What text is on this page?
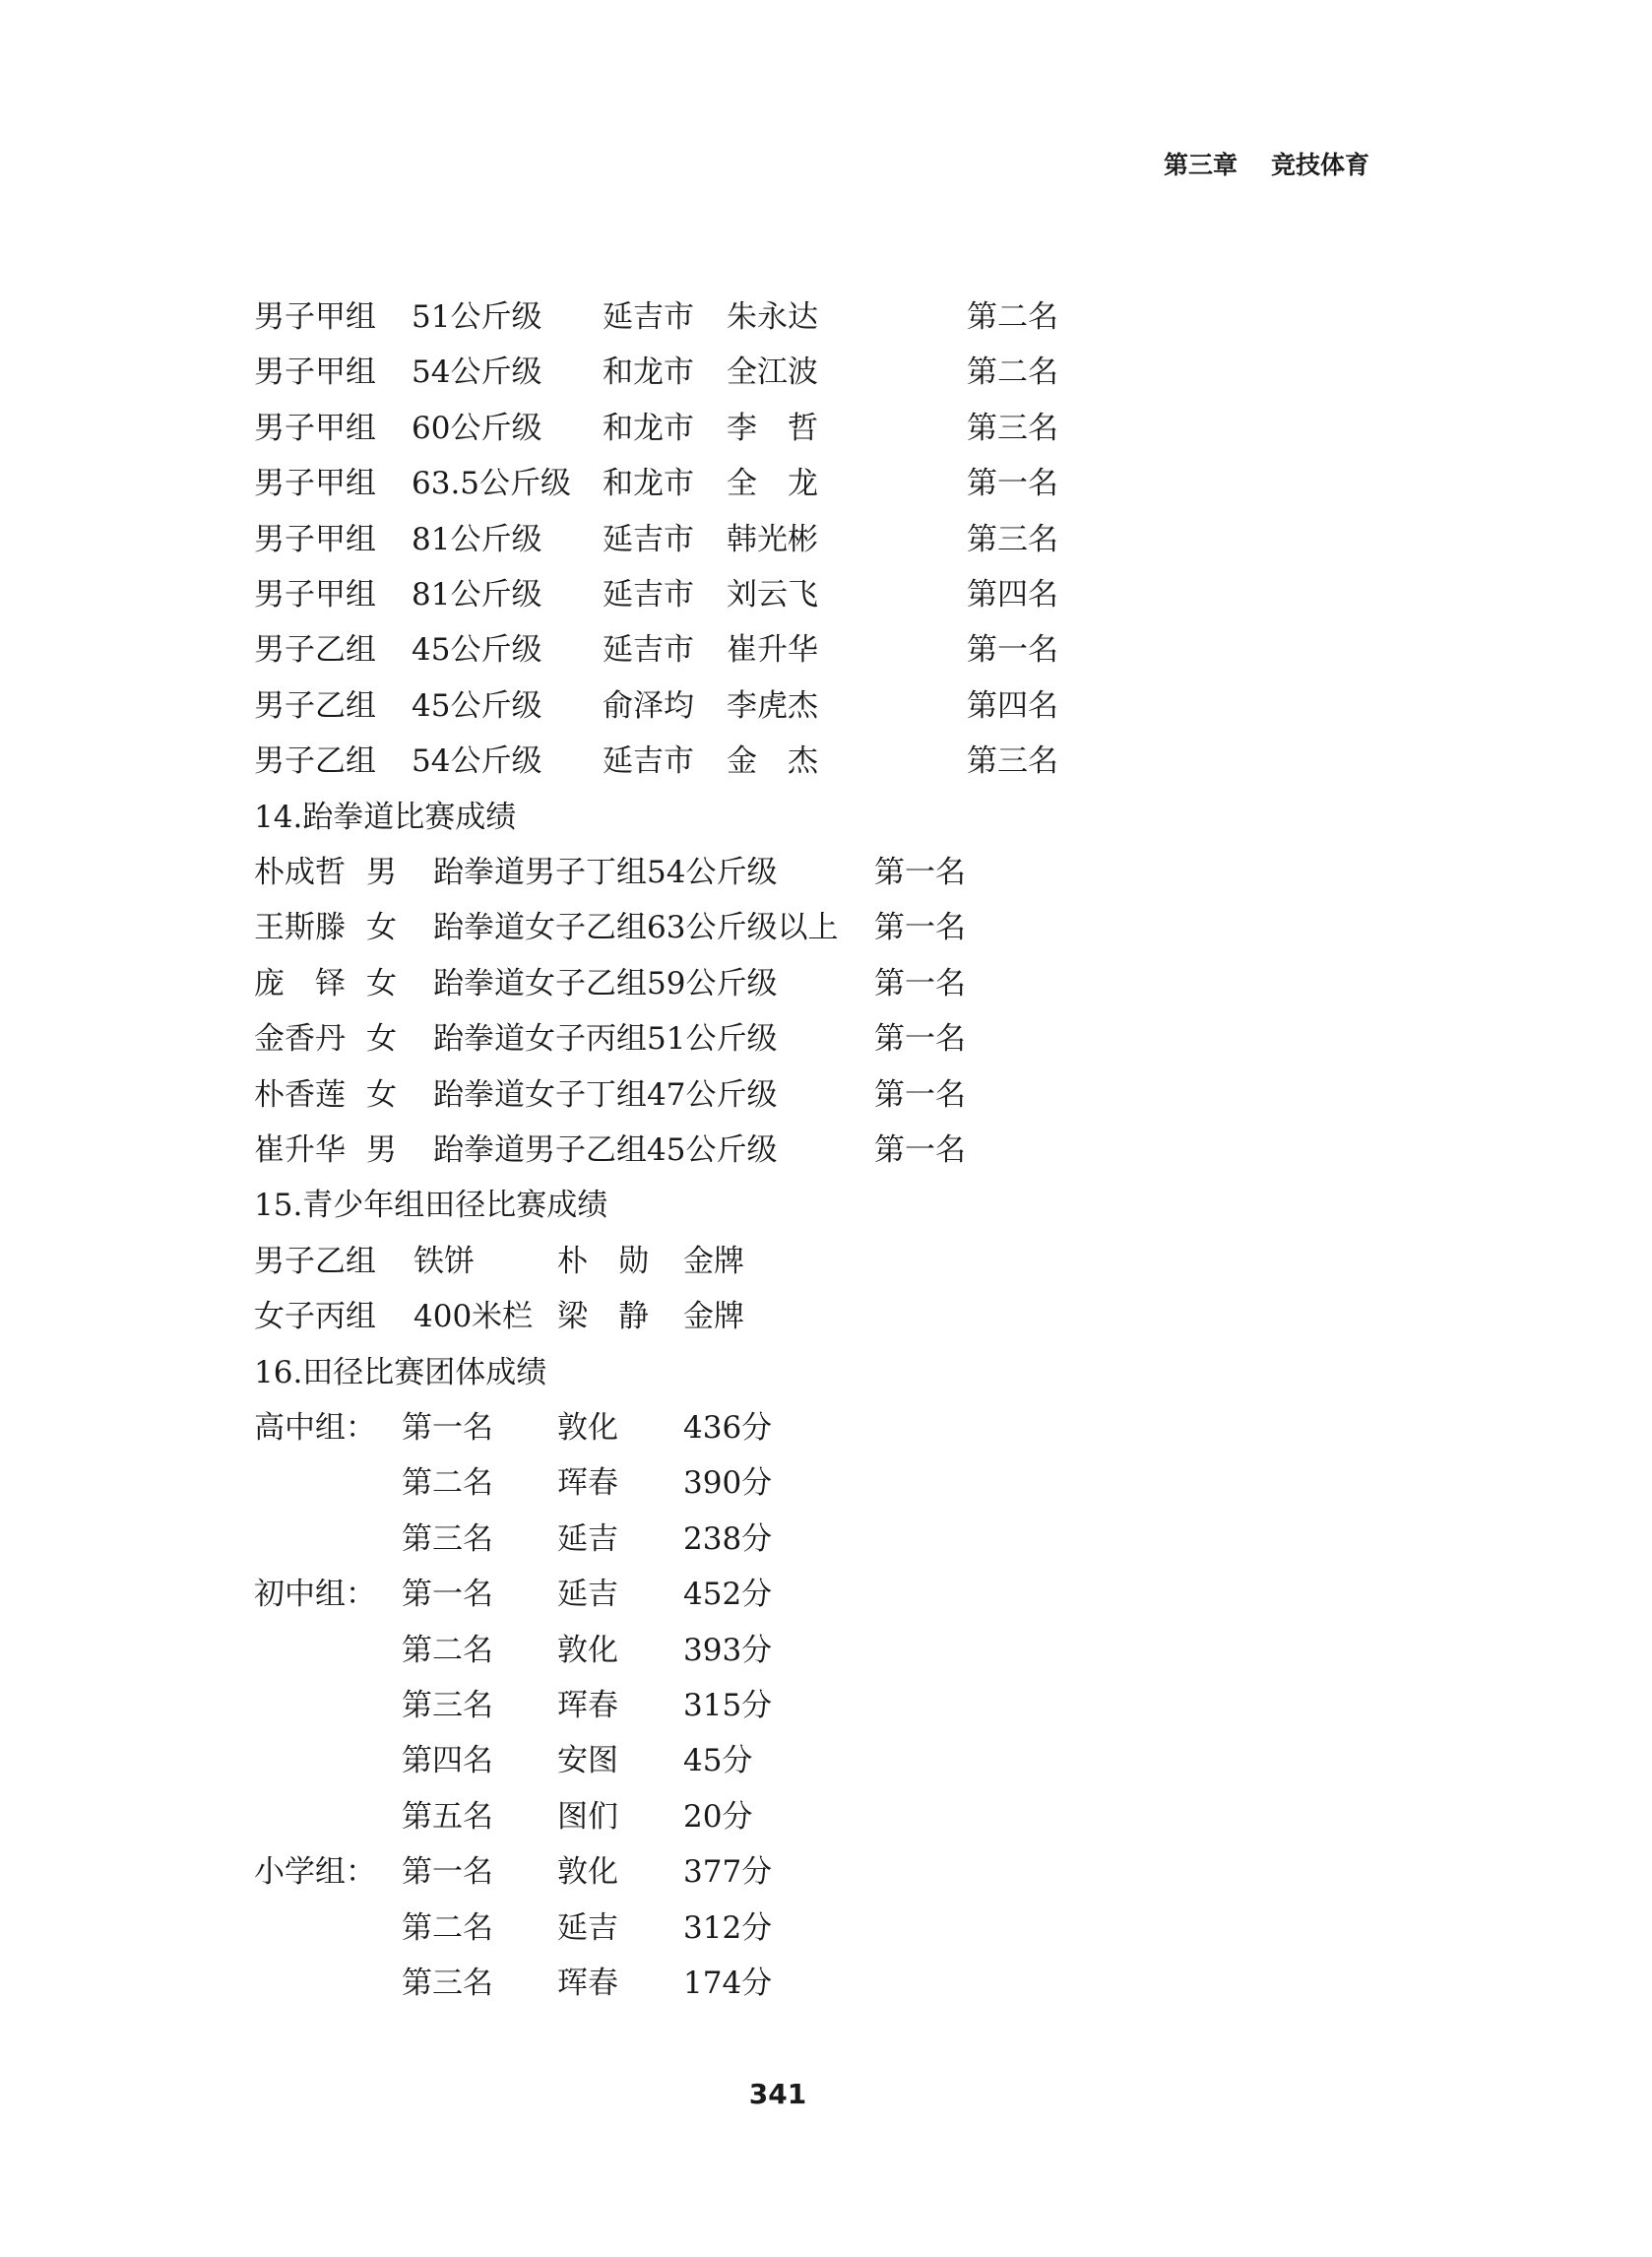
第三章 竞技体育
男子甲组 51公斤级 延吉市 朱永达	第二名
男子甲组 54公斤级 和龙市 全江波	第二名
男子甲组 60公斤级 和龙市 李　哲	第三名
男子甲组 63.5公斤级 和龙市 全　龙	第一名
男子甲组 81公斤级 延吉市 韩光彬	第三名
男子甲组 81公斤级 延吉市 刘云飞	第四名
男子乙组 45公斤级 延吉市 崔升华	第一名
男子乙组 45公斤级 俞泽均 李虎杰	第四名
男子乙组 54公斤级 延吉市 金　杰	第三名
14.跆拳道比赛成绩
朴成哲 男 跆拳道男子丁组54公斤级	第一名
王斯滕 女 跆拳道女子乙组63公斤级以上 第一名
庞　铎 女 跆拳道女子乙组59公斤级	第一名
金香丹 女 跆拳道女子丙组51公斤级	第一名
朴香莲 女 跆拳道女子丁组47公斤级	第一名
崔升华 男 跆拳道男子乙组45公斤级	第一名
15.青少年组田径比赛成绩
男子乙组 铁饼	朴　勋 金牌
女子丙组 400米栏 梁　静 金牌
16.田径比赛团体成绩
高中组： 第一名 敦化 436分
第二名 珲春 390分
第三名 延吉 238分
初中组： 第一名 延吉 452分
第二名 敦化 393分
第三名 珲春 315分
第四名 安图 45分
第五名 图们 20分
小学组： 第一名 敦化 377分
第二名 延吉 312分
第三名 珲春 174分
341
